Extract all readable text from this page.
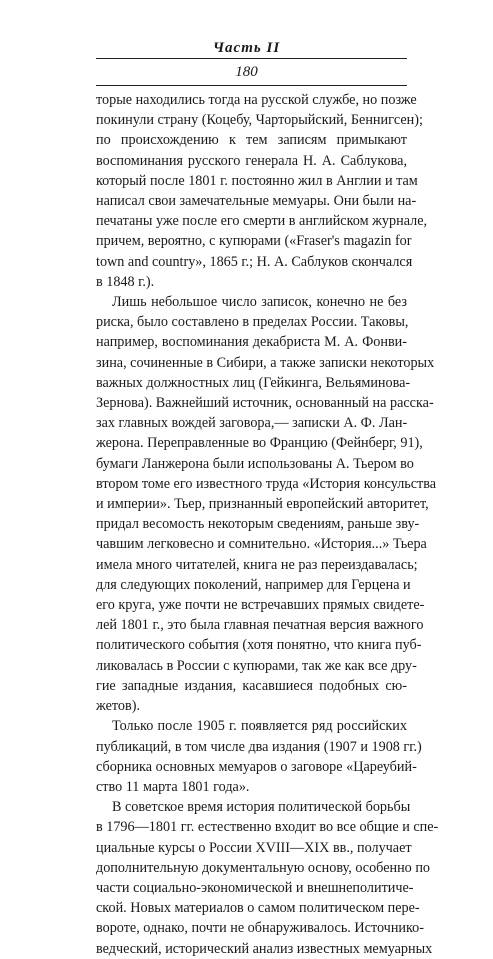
Часть II
180

торые находились тогда на русской службе, но позже
покинули страну (Коцебу, Чарторыйский, Беннигсен);
по происхождению к тем записям примыкают
воспоминания русского генерала Н. А. Саблукова,
который после 1801 г. постоянно жил в Англии и там
написал свои замечательные мемуары. Они были на-
печатаны уже после его смерти в английском журнале,
причем, вероятно, с купюрами («Fraser's magazin for
town and country», 1865 г.; Н. А. Саблуков скончался
в 1848 г.).

Лишь небольшое число записок, конечно не без
риска, было составлено в пределах России. Таковы,
например, воспоминания декабриста М. А. Фонви-
зина, сочиненные в Сибири, а также записки некоторых
важных должностных лиц (Гейкинга, Вельяминова-
Зернова). Важнейший источник, основанный на расска-
зах главных вождей заговора,— записки А. Ф. Лан-
жерона. Переправленные во Францию (Фейнберг, 91),
бумаги Ланжерона были использованы А. Тьером во
втором томе его известного труда «История консульства
и империи». Тьер, признанный европейский авторитет,
придал весомость некоторым сведениям, раньше зву-
чавшим легковесно и сомнительно. «История...» Тьера
имела много читателей, книга не раз переиздавалась;
для следующих поколений, например для Герцена и
его круга, уже почти не встречавших прямых свидете-
лей 1801 г., это была главная печатная версия важного
политического события (хотя понятно, что книга пуб-
ликовалась в России с купюрами, так же как все дру-
гие западные издания, касавшиеся подобных сю-
жетов).

Только после 1905 г. появляется ряд российских
публикаций, в том числе два издания (1907 и 1908 гг.)
сборника основных мемуаров о заговоре «Цареубий-
ство 11 марта 1801 года».

В советское время история политической борьбы
в 1796—1801 гг. естественно входит во все общие и спе-
циальные курсы о России XVIII—XIX вв., получает
дополнительную документальную основу, особенно по
части социально-экономической и внешнеполитиче-
ской. Новых материалов о самом политическом пере-
вороте, однако, почти не обнаруживалось. Источнико-
ведческий, исторический анализ известных мемуарных
